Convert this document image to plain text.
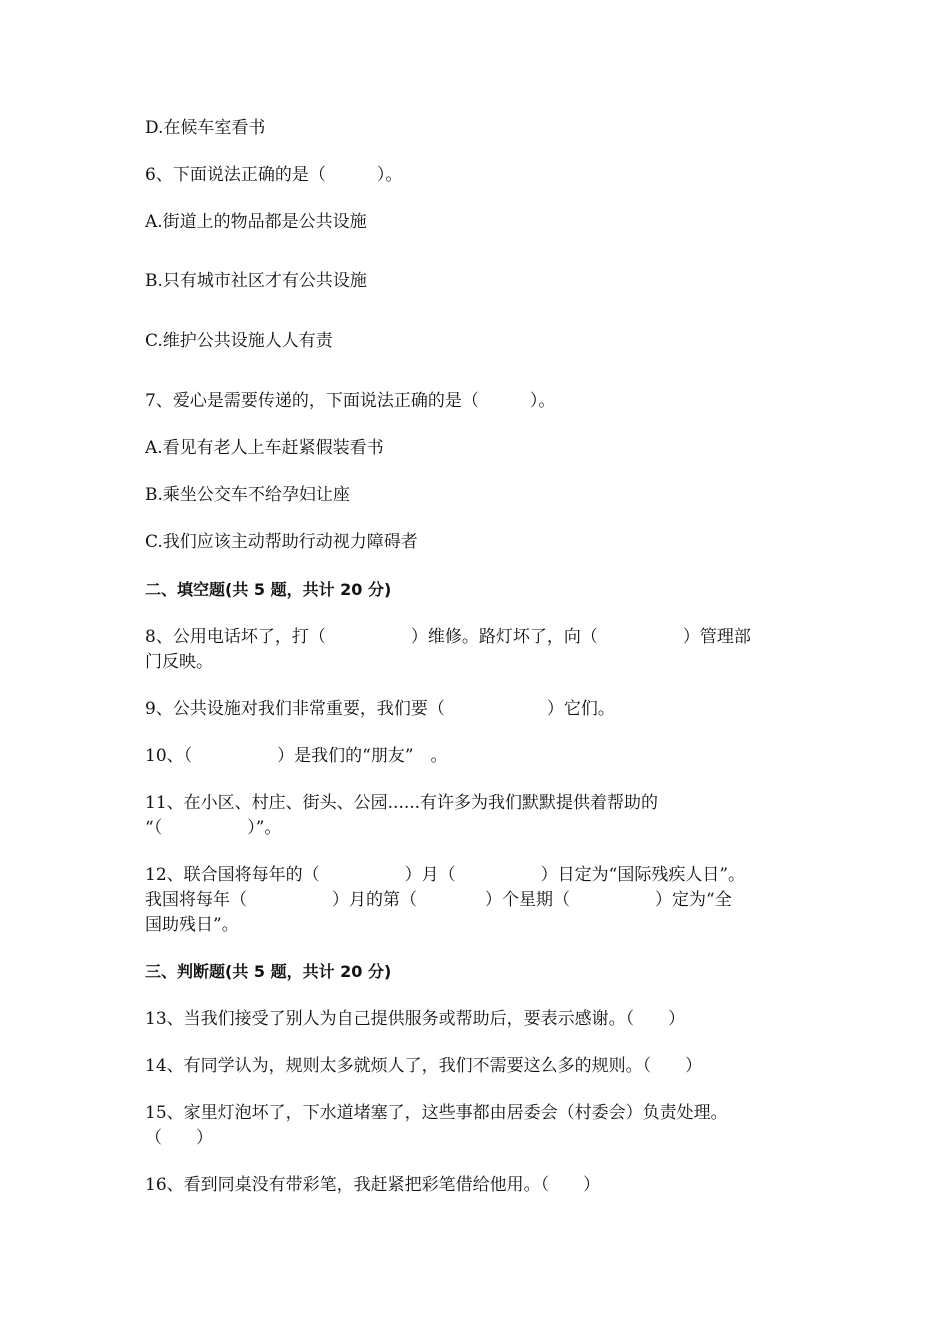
D.在候车室看书

6、下面说法正确的是（　　　）。

A.街道上的物品都是公共设施

B.只有城市社区才有公共设施

C.维护公共设施人人有责

7、爱心是需要传递的，下面说法正确的是（　　　）。

A.看见有老人上车赶紧假装看书

B.乘坐公交车不给孕妇让座

C.我们应该主动帮助行动视力障碍者

二、填空题(共 5 题，共计 20 分)

8、公用电话坏了，打（　　　　　）维修。路灯坏了，向（　　　　　）管理部

门反映。

9、公共设施对我们非常重要，我们要（　　　　　　）它们。

10、（　　　　　）是我们的“朋友”　。

11、在小区、村庄、街头、公园......有许多为我们默默提供着帮助的

“（　　　　　）”。

12、联合国将每年的（　　　　　）月（　　　　　）日定为“国际残疾人日”。

我国将每年（　　　　　）月的第（　　　　）个星期（　　　　　）定为“全

国助残日”。

三、判断题(共 5 题，共计 20 分)

13、当我们接受了别人为自己提供服务或帮助后，要表示感谢。（　　）

14、有同学认为，规则太多就烦人了，我们不需要这么多的规则。（　　）

15、家里灯泡坏了，下水道堵塞了，这些事都由居委会（村委会）负责处理。

（　　）

16、看到同桌没有带彩笔，我赶紧把彩笔借给他用。（　　）
